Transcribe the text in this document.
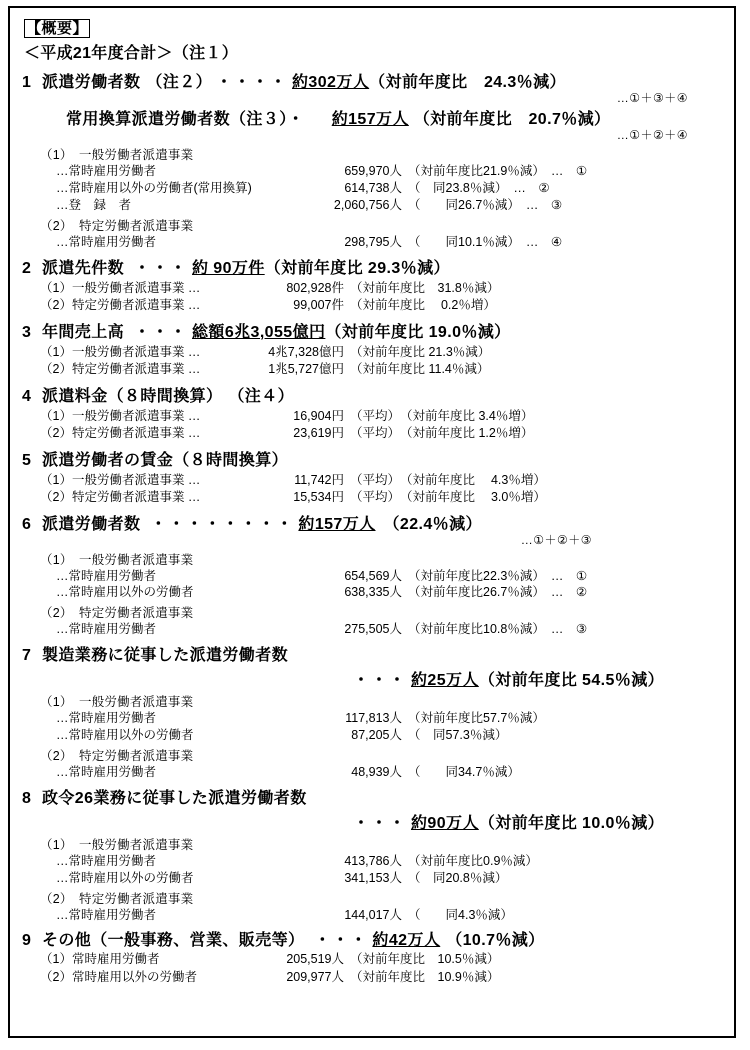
【概要】
＜平成21年度合計＞（注１）
1 派遣労働者数 （注２） ・・・・ 約302万人 （対前年度比　24.3％減）
…①＋③＋④
常用換算派遣労働者数（注３）・ 約157万人 （対前年度比　20.7％減）
…①＋②＋④
（1）　一般労働者派遣事業
…常時雇用労働者	659,970人 （対前年度比21.9％減） …　①
…常時雇用以外の労働者(常用換算)	614,738人 （　同23.8％減） …　②
…登　録　者	2,060,756人 （　　同26.7％減） …　③
（2）　特定労働者派遣事業
…常時雇用労働者	298,795人 （　　同10.1％減） …　④
2 派遣先件数 ・・・ 約 90万件 （対前年度比 29.3％減）
（1）一般労働者派遣事業 …	802,928件 （対前年度比　31.8％減）
（2）特定労働者派遣事業 …	99,007件 （対前年度比　 0.2％増）
3 年間売上高 ・・・ 総額6兆3,055億円 （対前年度比 19.0％減）
（1）一般労働者派遣事業 …	4兆7,328億円 （対前年度比 21.3％減）
（2）特定労働者派遣事業 …	1兆5,727億円 （対前年度比 11.4％減）
4 派遣料金（８時間換算） （注４）
（1）一般労働者派遣事業 …	16,904円 （平均）　（対前年度比 3.4％増）
（2）特定労働者派遣事業 …	23,619円 （平均）　（対前年度比 1.2％増）
5 派遣労働者の賃金（８時間換算）
（1）一般労働者派遣事業 …	11,742円 （平均）　（対前年度比　 4.3％増）
（2）特定労働者派遣事業 …	15,534円 （平均）　（対前年度比　 3.0％増）
6 派遣労働者数 ・・・・・・・・ 約157万人 （22.4％減）
…①＋②＋③
（1）　一般労働者派遣事業
…常時雇用労働者	654,569人 （対前年度比22.3％減） …　①
…常時雇用以外の労働者	638,335人 （対前年度比26.7％減） …　②
（2）　特定労働者派遣事業
…常時雇用労働者	275,505人 （対前年度比10.8％減） …　③
7 製造業務に従事した派遣労働者数
・・・ 約25万人 （対前年度比 54.5％減）
（1）　一般労働者派遣事業
…常時雇用労働者	117,813人 （対前年度比57.7％減）
…常時雇用以外の労働者	87,205人 （　同57.3％減）
（2）　特定労働者派遣事業
…常時雇用労働者	48,939人 （　　同34.7％減）
8 政令26業務に従事した派遣労働者数
・・・ 約90万人 （対前年度比 10.0％減）
（1）　一般労働者派遣事業
…常時雇用労働者	413,786人 （対前年度比0.9％減）
…常時雇用以外の労働者	341,153人 （　同20.8％減）
（2）　特定労働者派遣事業
…常時雇用労働者	144,017人 （　　同4.3％減）
9 その他（一般事務、営業、販売等） ・・・ 約42万人 （10.7％減）
（1）常時雇用労働者	205,519人 （対前年度比　10.5％減）
（2）常時雇用以外の労働者	209,977人 （対前年度比　10.9％減）
